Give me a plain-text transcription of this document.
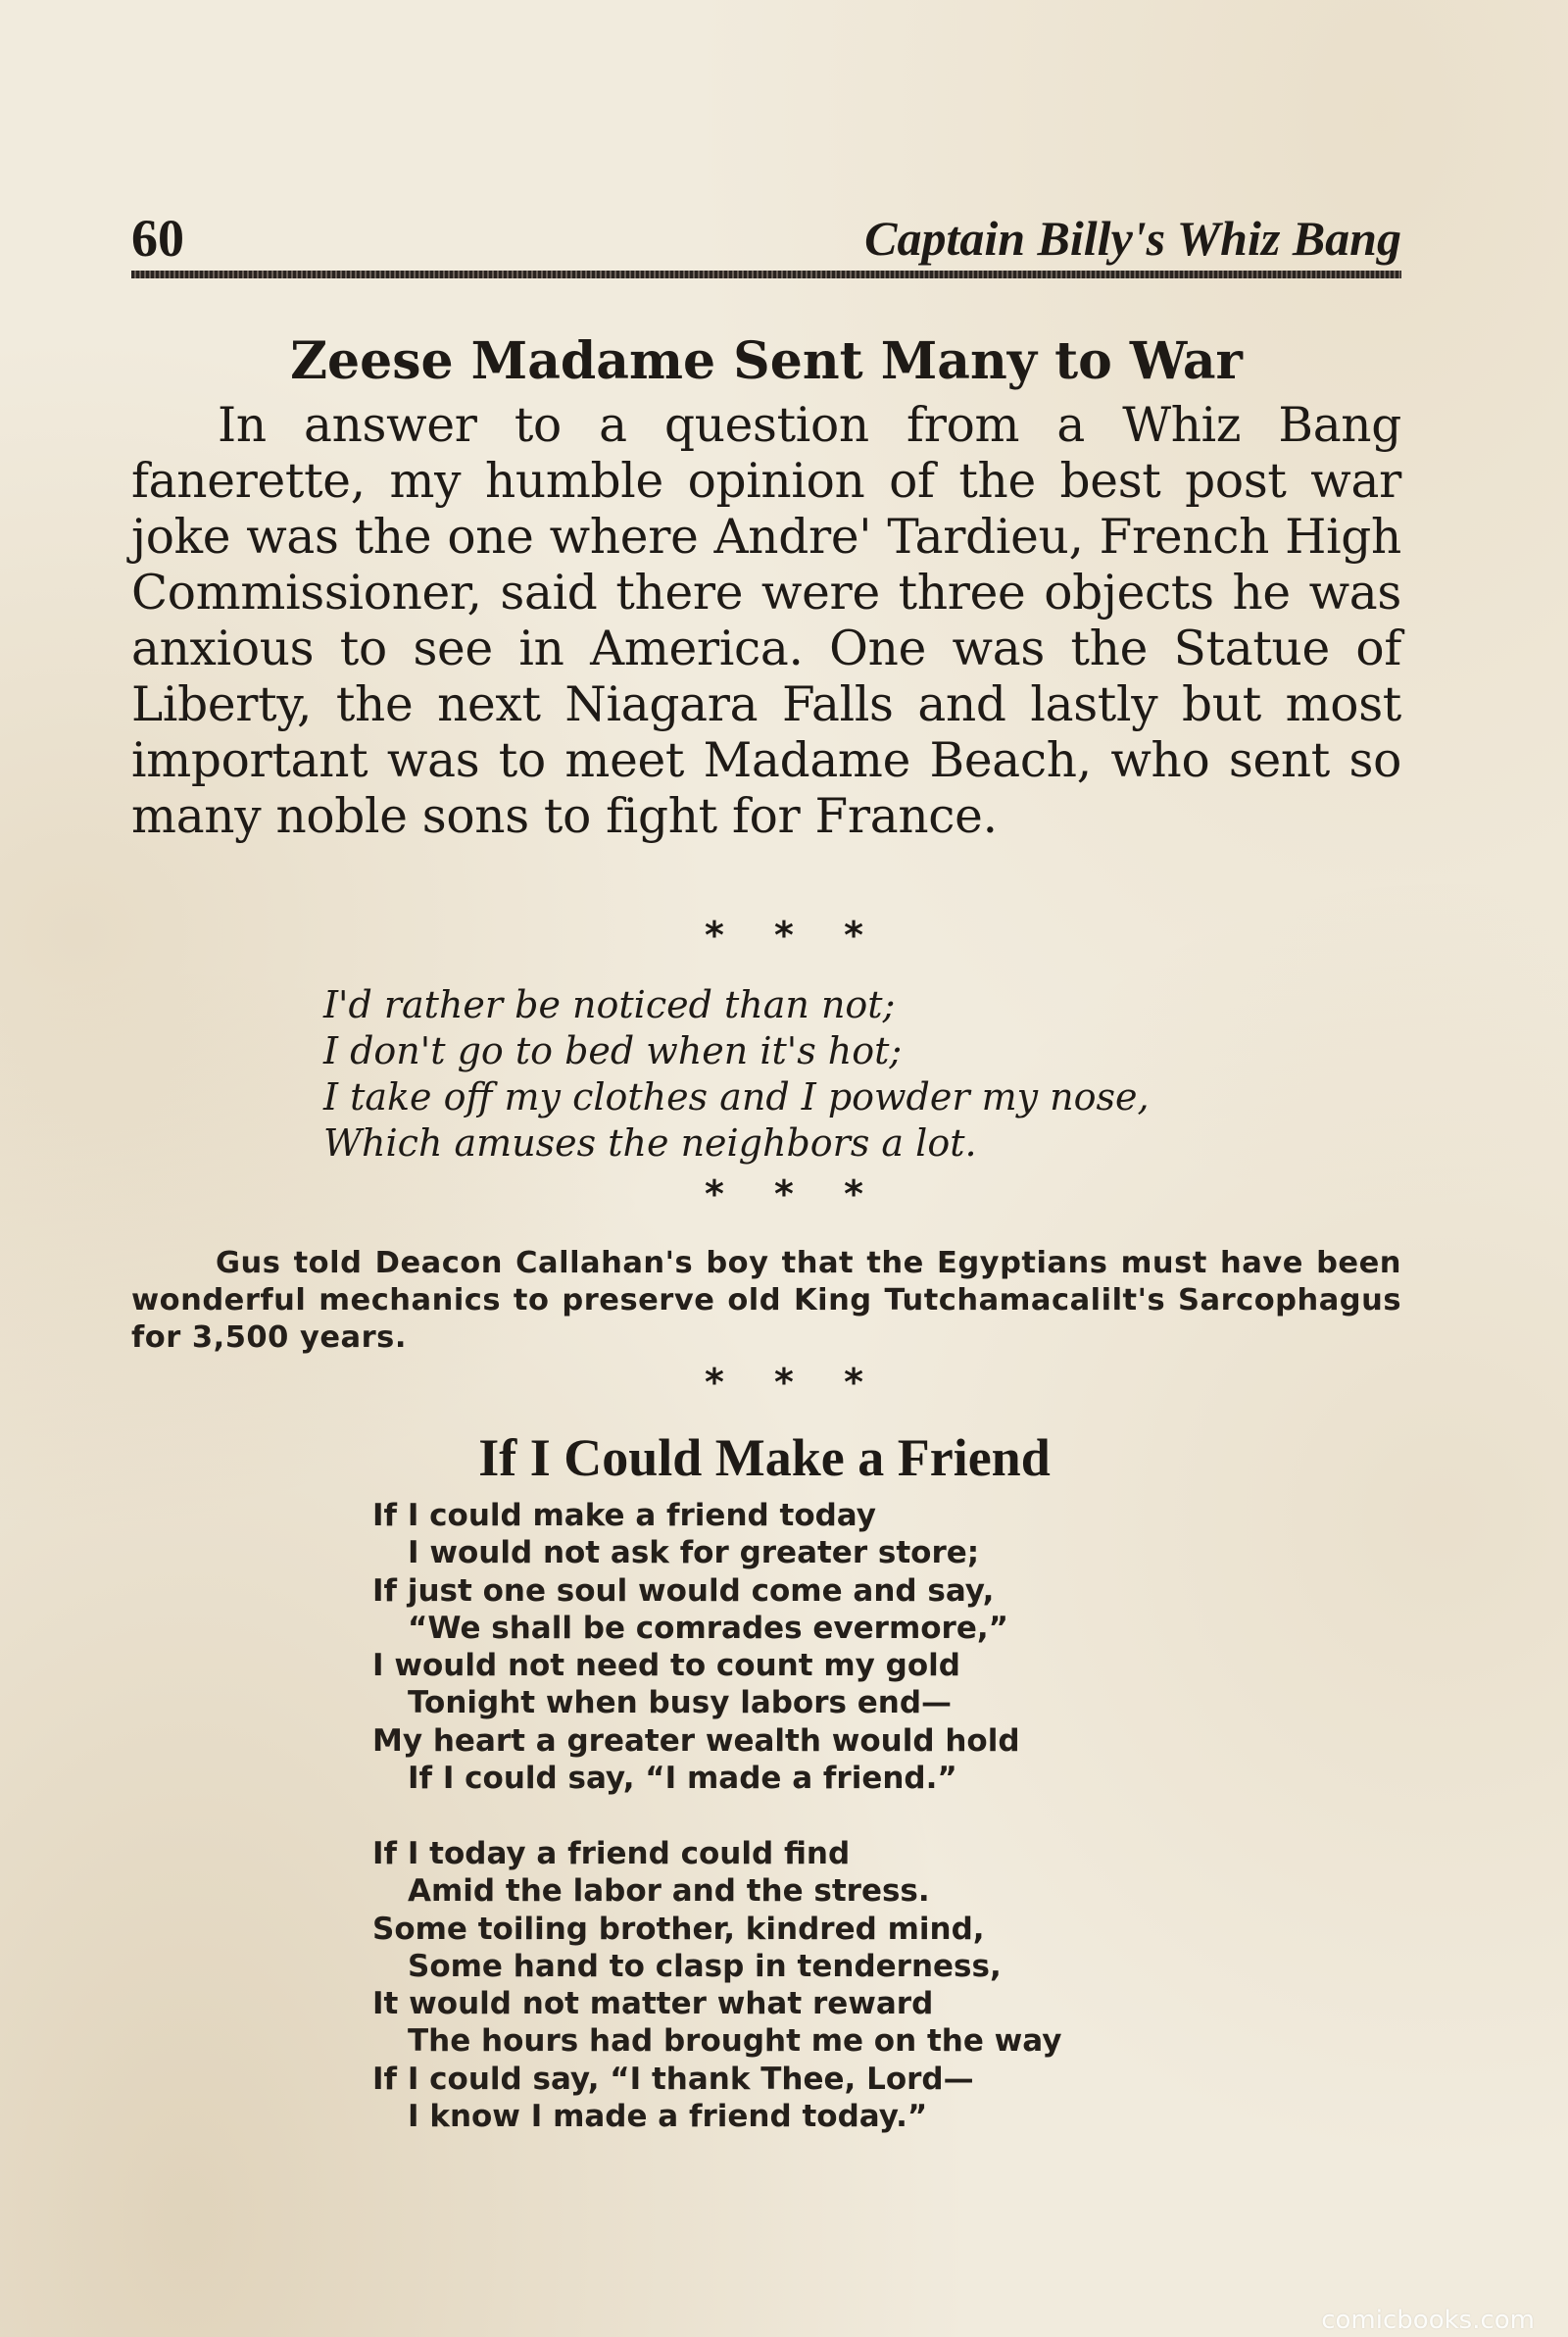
60	Captain Billy's Whiz Bang
Zeese Madame Sent Many to War

In answer to a question from a Whiz Bang fanerette, my humble opinion of the best post war joke was the one where Andre' Tardieu, French High Commissioner, said there were three objects he was anxious to see in America. One was the Statue of Liberty, the next Niagara Falls and lastly but most important was to meet Madame Beach, who sent so many noble sons to fight for France.

* * *
I'd rather be noticed than not;
I don't go to bed when it's hot;
I take off my clothes and I powder my nose,
Which amuses the neighbors a lot.
* * *

Gus told Deacon Callahan's boy that the Egyptians must have been wonderful mechanics to preserve old King Tutchamacalilt's Sarcophagus for 3,500 years.

* * *
If I Could Make a Friend
If I could make a friend today
I would not ask for greater store;
If just one soul would come and say,
“We shall be comrades evermore,”
I would not need to count my gold
Tonight when busy labors end—
My heart a greater wealth would hold
If I could say, “I made a friend.”
If I today a friend could find
Amid the labor and the stress.
Some toiling brother, kindred mind,
Some hand to clasp in tenderness,
It would not matter what reward
The hours had brought me on the way
If I could say, “I thank Thee, Lord—
I know I made a friend today.”
comicbooks.com
